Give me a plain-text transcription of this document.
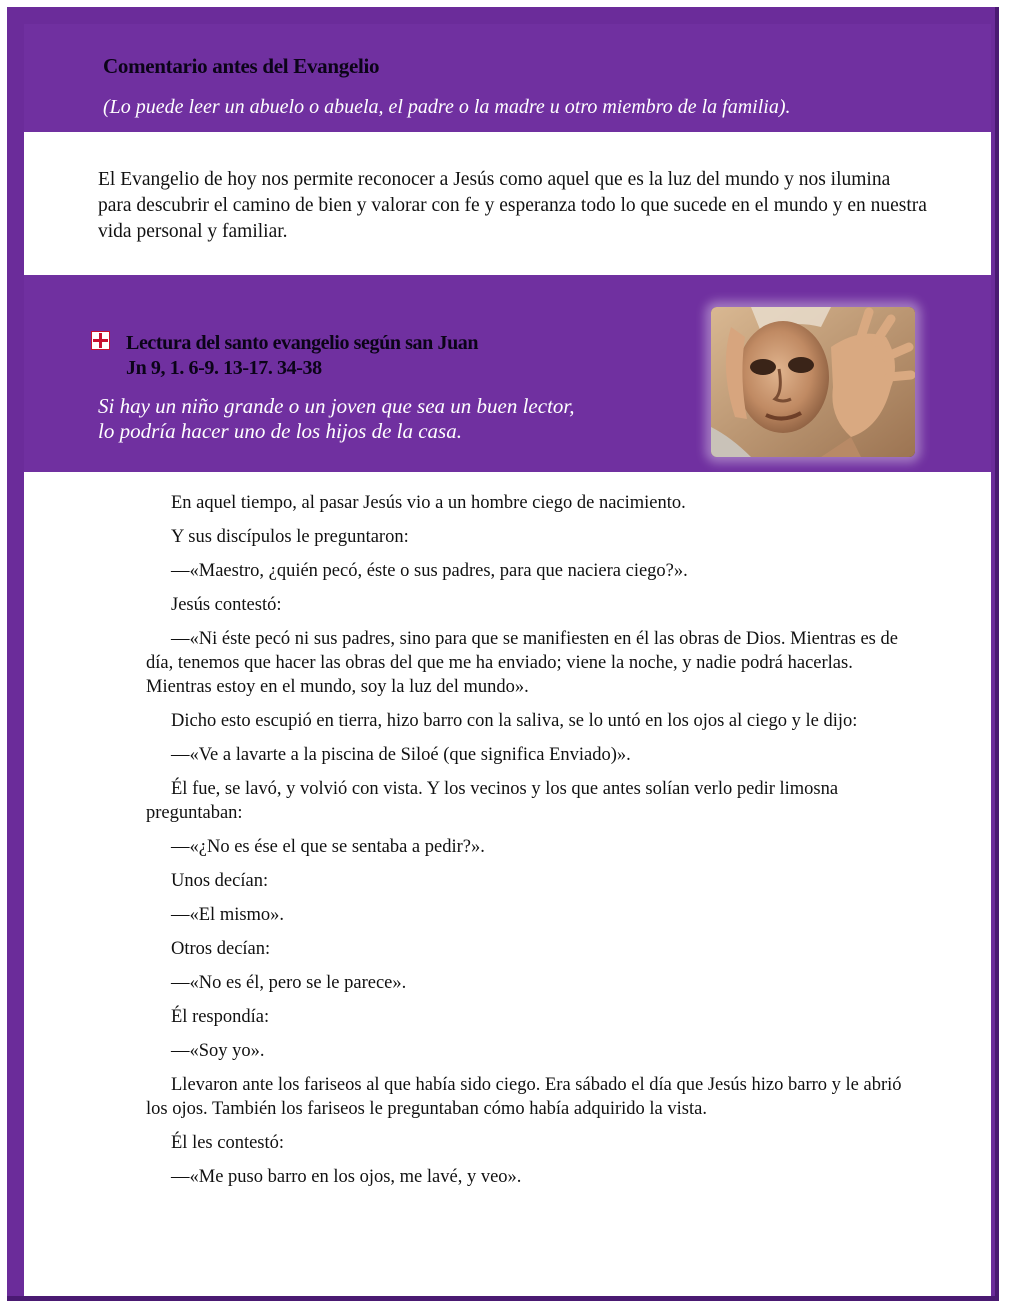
Comentario antes del Evangelio
(Lo puede leer un abuelo o abuela, el padre o la madre u otro miembro de la familia).
El Evangelio de hoy nos permite reconocer a Jesús como aquel que es la luz del mundo y nos ilumina para descubrir el camino de bien y valorar con fe y esperanza todo lo que sucede en el mundo y en nuestra vida personal y familiar.
Lectura del santo evangelio según san Juan
Jn 9, 1. 6-9. 13-17. 34-38
Si hay un niño grande o un joven que sea un buen lector,
lo podría hacer uno de los hijos de la casa.

En aquel tiempo, al pasar Jesús vio a un hombre ciego de nacimiento.

Y sus discípulos le preguntaron:

—«Maestro, ¿quién pecó, éste o sus padres, para que naciera ciego?».

Jesús contestó:

—«Ni éste pecó ni sus padres, sino para que se manifiesten en él las obras de Dios. Mientras es de día, tenemos que hacer las obras del que me ha enviado; viene la noche, y nadie podrá hacerlas. Mientras estoy en el mundo, soy la luz del mundo».

Dicho esto escupió en tierra, hizo barro con la saliva, se lo untó en los ojos al ciego y le dijo:

—«Ve a lavarte a la piscina de Siloé (que significa Enviado)».

Él fue, se lavó, y volvió con vista. Y los vecinos y los que antes solían verlo pedir limosna preguntaban:

—«¿No es ése el que se sentaba a pedir?».

Unos decían:

—«El mismo».

Otros decían:

—«No es él, pero se le parece».

Él respondía:

—«Soy yo».

Llevaron ante los fariseos al que había sido ciego. Era sábado el día que Jesús hizo barro y le abrió los ojos. También los fariseos le preguntaban cómo había adquirido la vista.

Él les contestó:

—«Me puso barro en los ojos, me lavé, y veo».
